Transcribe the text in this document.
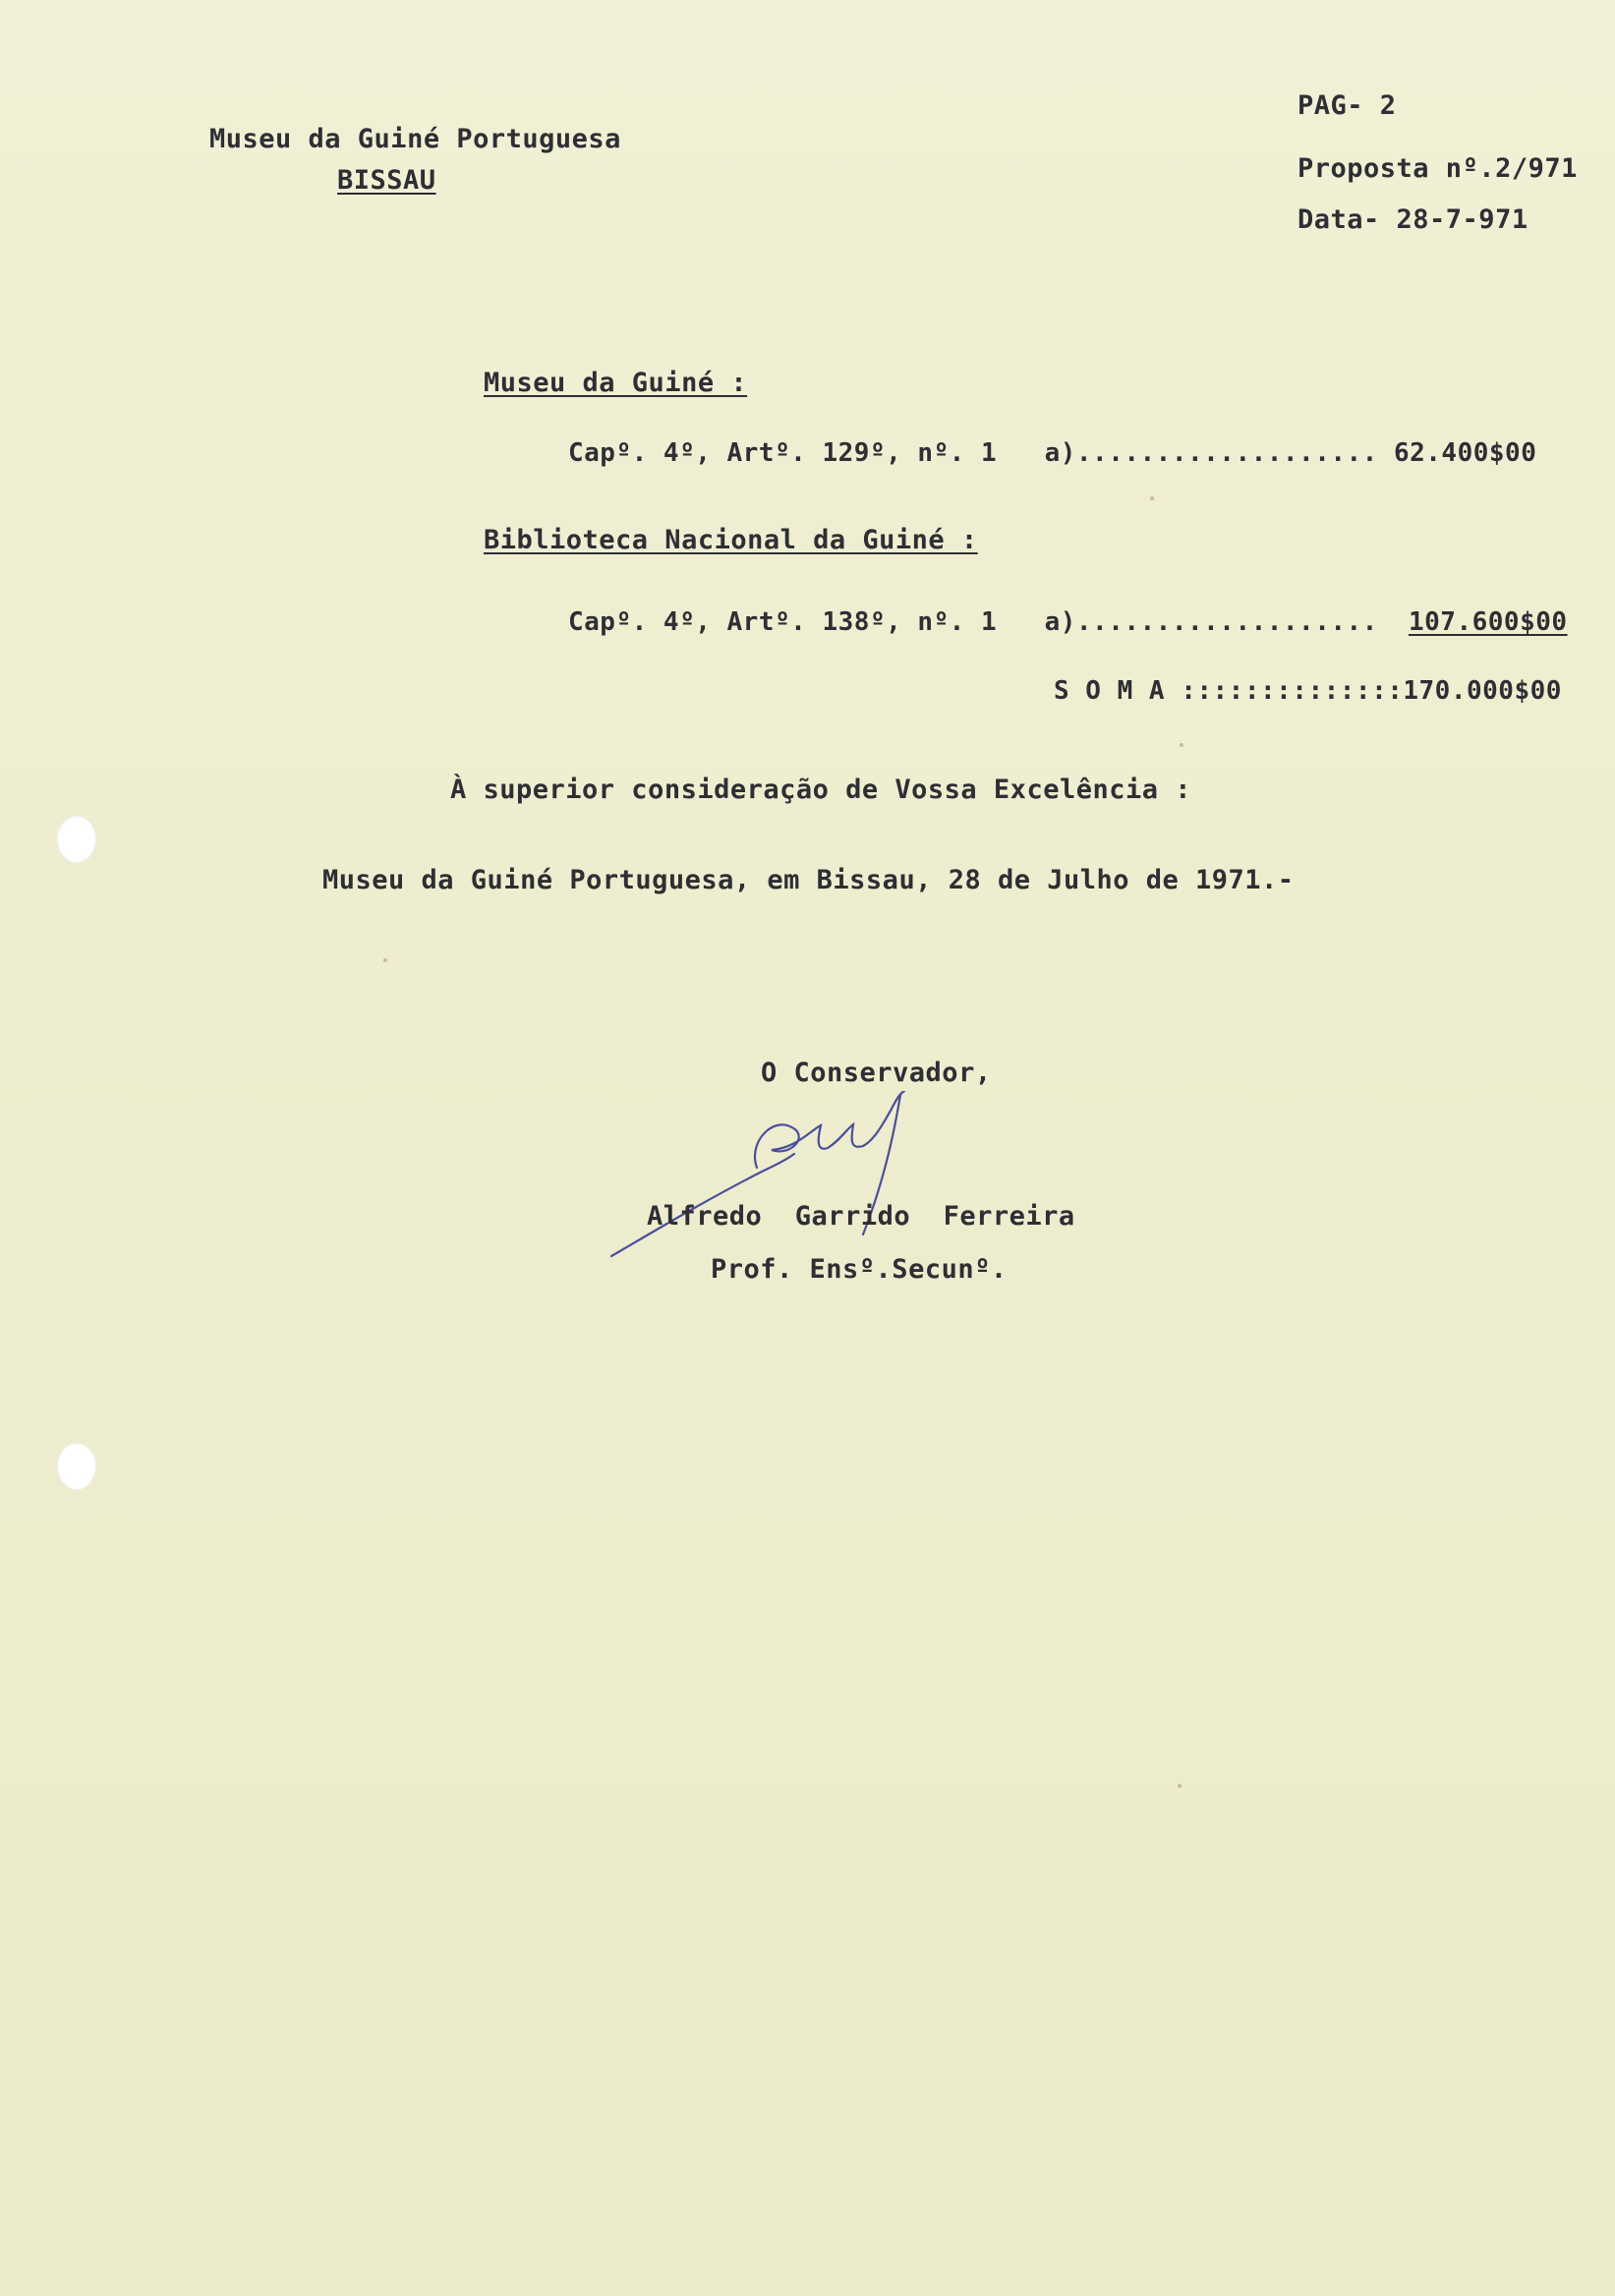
Museu da Guiné Portuguesa
BISSAU
PAG- 2
Proposta nº.2/971
Data- 28-7-971
Museu da Guiné :
Capº. 4º, Artº. 129º, nº. 1   a)................... 62.400$00
Biblioteca Nacional da Guiné :
Capº. 4º, Artº. 138º, nº. 1   a)................... 107.600$00
S O M A ::::::::::::::170.000$00
À superior consideração de Vossa Excelência :
Museu da Guiné Portuguesa, em Bissau, 28 de Julho de 1971.-
O Conservador,
Alfredo  Garrido  Ferreira
Prof. Ensº.Secunº.
